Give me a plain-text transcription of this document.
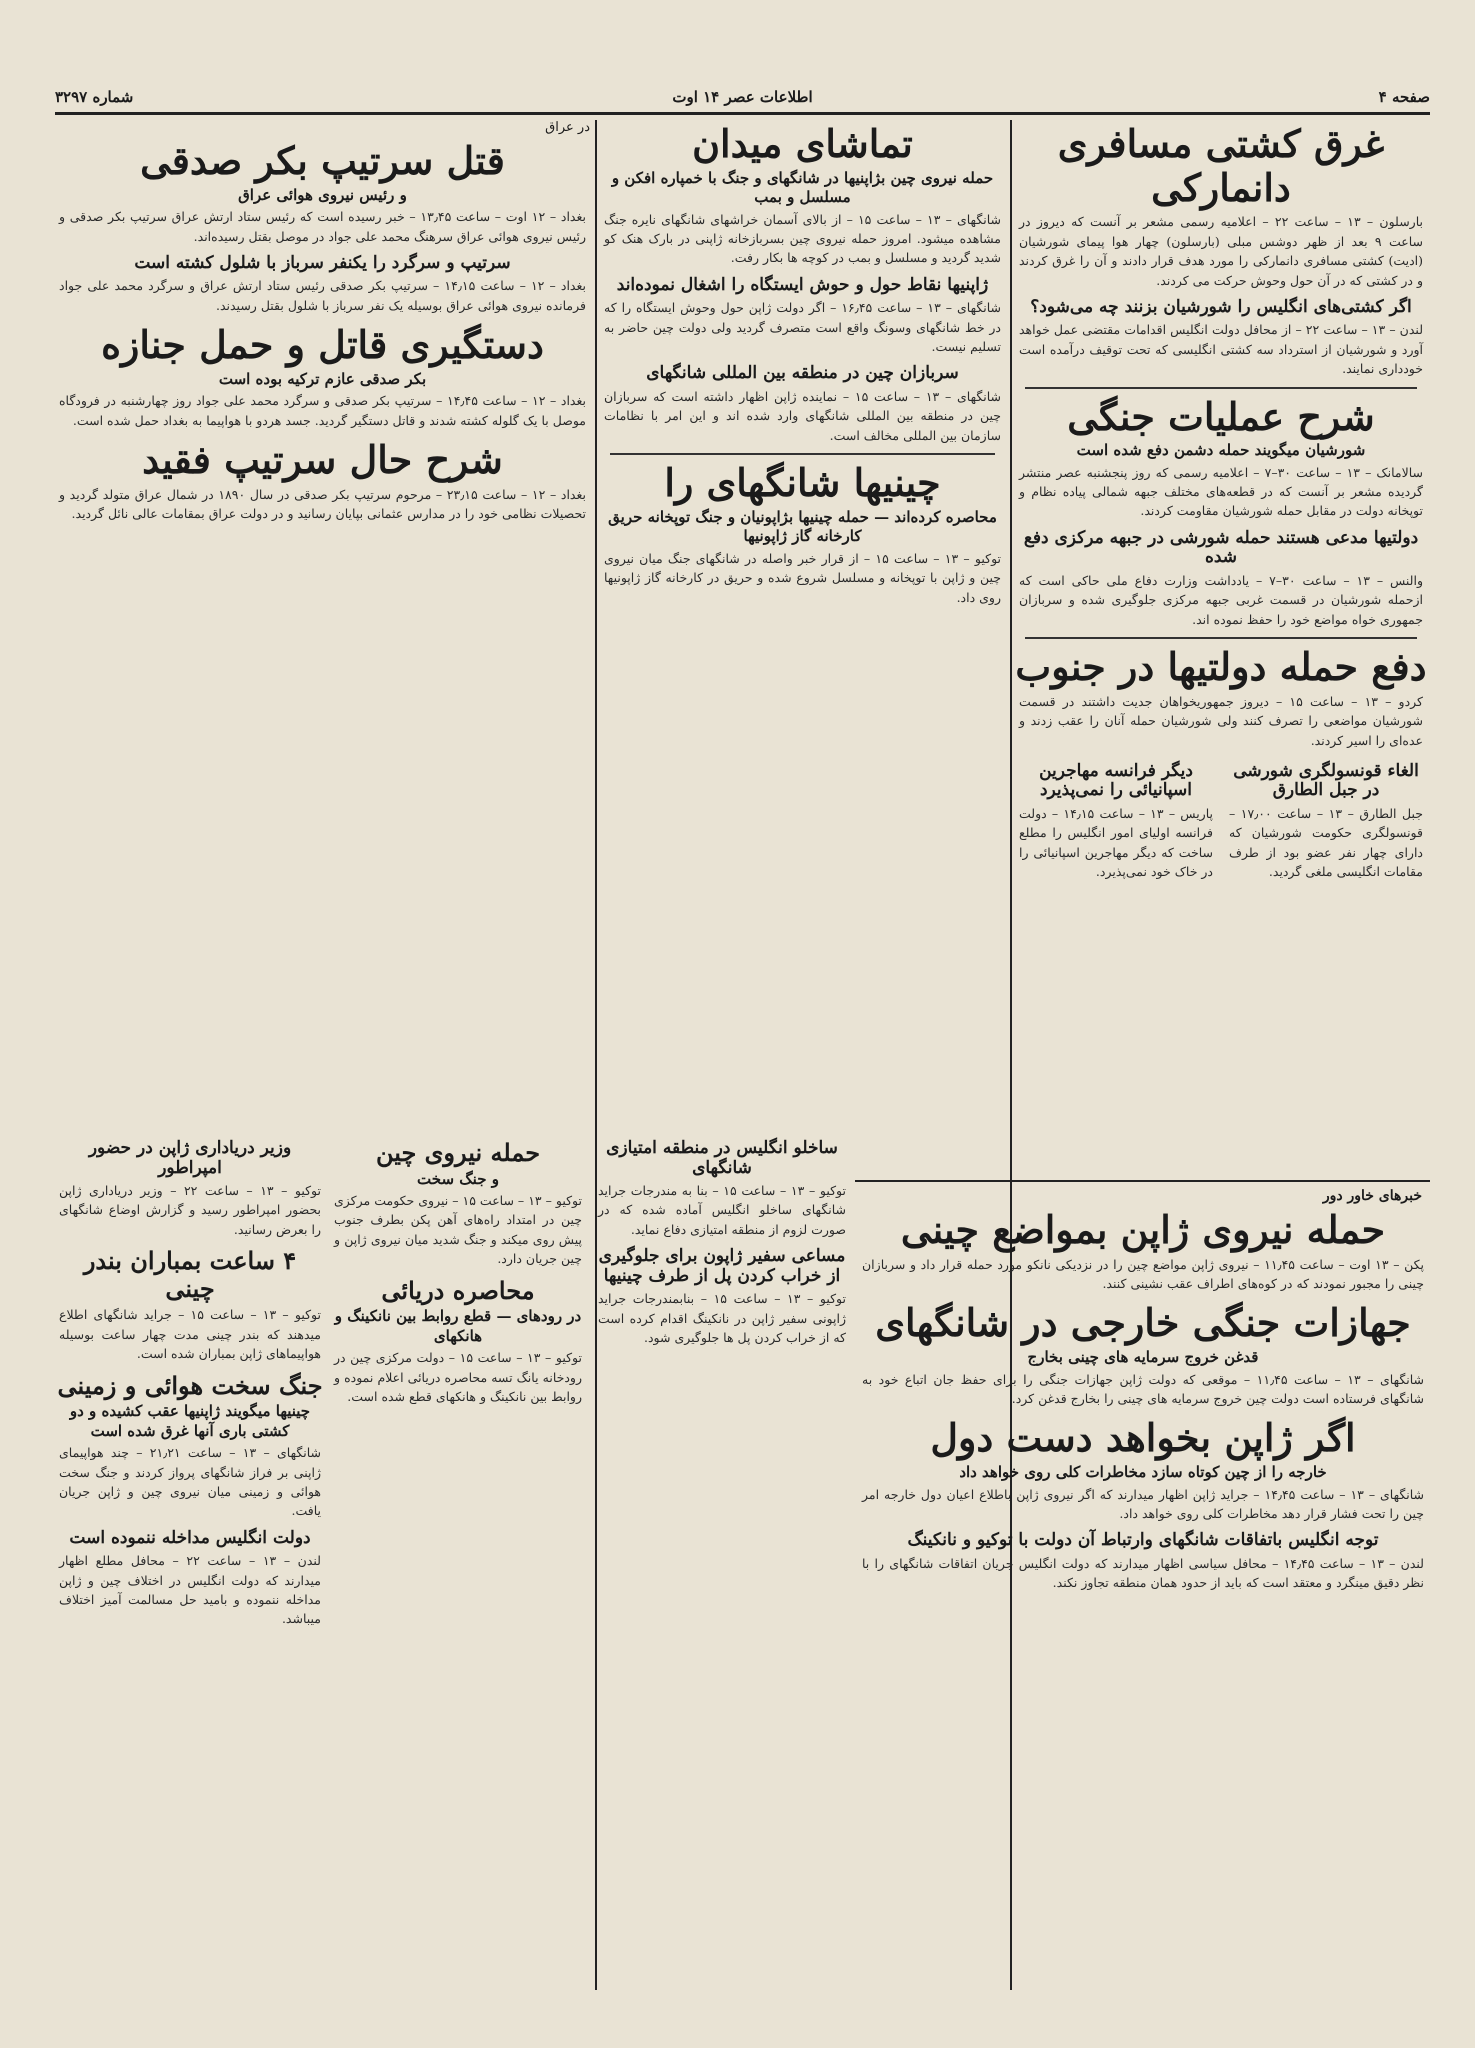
صفحه ۴
اطلاعات عصر ۱۴ اوت
شماره ۳۲۹۷
غرق کشتی مسافری دانمارکی
بارسلون – ۱۳ – ساعت ۲۲ – اعلامیه رسمی مشعر بر آنست که دیروز در ساعت ۹ بعد از ظهر دوشس مبلی (بارسلون) چهار هوا پیمای شورشیان (ادیت) کشتی مسافری دانمارکی را مورد هدف قرار دادند و آن را غرق کردند و در کشتی که در آن حول وحوش حرکت می کردند.
اگر کشتی‌های انگلیس را شورشیان بزنند چه می‌شود؟
لندن – ۱۳ – ساعت ۲۲ – از محافل دولت انگلیس اقدامات مقتضی عمل خواهد آورد و شورشیان از استرداد سه کشتی انگلیسی که تحت توقیف درآمده است خودداری نمایند.
شرح عملیات جنگی
شورشیان میگویند حمله دشمن دفع شده است
سالامانک – ۱۳ – ساعت ۳۰–۷ – اعلامیه رسمی که روز پنجشنبه عصر منتشر گردیده مشعر بر آنست که در قطعه‌های مختلف جبهه شمالی پیاده نظام و توپخانه دولت در مقابل حمله شورشیان مقاومت کردند.
دولتیها مدعی هستند حمله شورشی در جبهه مرکزی دفع شده
والنس – ۱۳ – ساعت ۳۰–۷ – یادداشت وزارت دفاع ملی حاکی است که ازحمله شورشیان در قسمت غربی جبهه مرکزی جلوگیری شده و سربازان جمهوری خواه مواضع خود را حفظ نموده اند.
دفع حمله دولتیها در جنوب
کردو – ۱۳ – ساعت ۱۵ – دیروز جمهوریخواهان جدیت داشتند در قسمت شورشیان مواضعی را تصرف کنند ولی شورشیان حمله آنان را عقب زدند و عده‌ای را اسیر کردند.
الغاء قونسولگری شورشی در جبل الطارق
جبل الطارق – ۱۳ – ساعت ۱۷٫۰۰ – قونسولگری حکومت شورشیان که دارای چهار نفر عضو بود از طرف مقامات انگلیسی ملغی گردید.
دیگر فرانسه مهاجرین اسپانیائی را نمی‌پذیرد
پاریس – ۱۳ – ساعت ۱۴٫۱۵ – دولت فرانسه اولیای امور انگلیس را مطلع ساخت که دیگر مهاجرین اسپانیائی را در خاک خود نمی‌پذیرد.
خبرهای خاور دور
حمله نیروی ژاپن بمواضع چینی
پکن – ۱۳ اوت – ساعت ۱۱٫۴۵ – نیروی ژاپن مواضع چین را در نزدیکی نانکو مورد حمله قرار داد و سربازان چینی را مجبور نمودند که در کوه‌های اطراف عقب نشینی کنند.
جهازات جنگی خارجی در شانگهای
قدغن خروج سرمایه های چینی بخارج
شانگهای – ۱۳ – ساعت ۱۱٫۴۵ – موقعی که دولت ژاپن جهازات جنگی را برای حفظ جان اتباع خود به شانگهای فرستاده است دولت چین خروج سرمایه های چینی را بخارج قدغن کرد.
اگر ژاپن بخواهد دست دول
خارجه را از چین کوتاه سازد مخاطرات کلی روی خواهد داد
شانگهای – ۱۳ – ساعت ۱۴٫۴۵ – جراید ژاپن اظهار میدارند که اگر نیروی ژاپن باطلاع اعیان دول خارجه امر چین را تحت فشار قرار دهد مخاطرات کلی روی خواهد داد.
توجه انگلیس باتفاقات شانگهای وارتباط آن دولت با توکیو و نانکینگ
لندن – ۱۳ – ساعت ۱۴٫۴۵ – محافل سیاسی اظهار میدارند که دولت انگلیس جریان اتفاقات شانگهای را با نظر دقیق مینگرد و معتقد است که باید از حدود همان منطقه تجاوز نکند.
تماشای میدان
حمله نیروی چین بژاپنیها در شانگهای و جنگ با خمپاره افکن و مسلسل و بمب
شانگهای – ۱۳ – ساعت ۱۵ – از بالای آسمان خراشهای شانگهای نایره جنگ مشاهده میشود. امروز حمله نیروی چین بسربازخانه ژاپنی در بارک هنک کو شدید گردید و مسلسل و بمب در کوچه ها بکار رفت.
ژاپنیها نقاط حول و حوش ایستگاه را اشغال نموده‌اند
شانگهای – ۱۳ – ساعت ۱۶٫۴۵ – اگر دولت ژاپن حول وحوش ایستگاه را که در خط شانگهای وسونگ واقع است متصرف گردید ولی دولت چین حاضر به تسلیم نیست.
سربازان چین در منطقه بین المللی شانگهای
شانگهای – ۱۳ – ساعت ۱۵ – نماینده ژاپن اظهار داشته است که سربازان چین در منطقه بین المللی شانگهای وارد شده اند و این امر با نظامات سازمان بین المللی مخالف است.
چینیها شانگهای را
محاصره کرده‌اند — حمله چینیها بژاپونیان و جنگ توپخانه حریق کارخانه گاز ژاپونیها
توکیو – ۱۳ – ساعت ۱۵ – از قرار خبر واصله در شانگهای جنگ میان نیروی چین و ژاپن با توپخانه و مسلسل شروع شده و حریق در کارخانه گاز ژاپونیها روی داد.
ساخلو انگلیس در منطقه امتیازی شانگهای
توکیو – ۱۳ – ساعت ۱۵ – بنا به مندرجات جراید شانگهای ساخلو انگلیس آماده شده که در صورت لزوم از منطقه امتیازی دفاع نماید.
مساعی سفیر ژاپون برای جلوگیری از خراب کردن پل از طرف چینیها
توکیو – ۱۳ – ساعت ۱۵ – بنابمندرجات جراید ژاپونی سفیر ژاپن در نانکینگ اقدام کرده است که از خراب کردن پل ها جلوگیری شود.
حمله نیروی چین
و جنگ سخت
توکیو – ۱۳ – ساعت ۱۵ – نیروی حکومت مرکزی چین در امتداد راه‌های آهن پکن بطرف جنوب پیش روی میکند و جنگ شدید میان نیروی ژاپن و چین جریان دارد.
محاصره دریائی
در رودهای — قطع روابط بین نانکینگ و هانکهای
توکیو – ۱۳ – ساعت ۱۵ – دولت مرکزی چین در رودخانه یانگ تسه محاصره دریائی اعلام نموده و روابط بین نانکینگ و هانکهای قطع شده است.
در عراق
قتل سرتیپ بکر صدقی
و رئیس نیروی هوائی عراق
بغداد – ۱۲ اوت – ساعت ۱۳٫۴۵ – خبر رسیده است که رئیس ستاد ارتش عراق سرتیپ بکر صدقی و رئیس نیروی هوائی عراق سرهنگ محمد علی جواد در موصل بقتل رسیده‌اند.
سرتیپ و سرگرد را یکنفر سرباز با شلول کشته است
بغداد – ۱۲ – ساعت ۱۴٫۱۵ – سرتیپ بکر صدقی رئیس ستاد ارتش عراق و سرگرد محمد علی جواد فرمانده نیروی هوائی عراق بوسیله یک نفر سرباز با شلول بقتل رسیدند.
دستگیری قاتل و حمل جنازه
بکر صدقی عازم ترکیه بوده است
بغداد – ۱۲ – ساعت ۱۴٫۴۵ – سرتیپ بکر صدقی و سرگرد محمد علی جواد روز چهارشنبه در فرودگاه موصل با یک گلوله کشته شدند و قاتل دستگیر گردید. جسد هردو با هواپیما به بغداد حمل شده است.
شرح حال سرتیپ فقید
بغداد – ۱۲ – ساعت ۲۳٫۱۵ – مرحوم سرتیپ بکر صدقی در سال ۱۸۹۰ در شمال عراق متولد گردید و تحصیلات نظامی خود را در مدارس عثمانی بپایان رسانید و در دولت عراق بمقامات عالی نائل گردید.
وزیر دریاداری ژاپن در حضور امپراطور
توکیو – ۱۳ – ساعت ۲۲ – وزیر دریاداری ژاپن بحضور امپراطور رسید و گزارش اوضاع شانگهای را بعرض رسانید.
۴ ساعت بمباران بندر چینی
توکیو – ۱۳ – ساعت ۱۵ – جراید شانگهای اطلاع میدهند که بندر چینی مدت چهار ساعت بوسیله هواپیماهای ژاپن بمباران شده است.
جنگ سخت هوائی و زمینی
چینیها میگویند ژاپنیها عقب کشیده و دو کشتی باری آنها غرق شده است
شانگهای – ۱۳ – ساعت ۲۱٫۲۱ – چند هواپیمای ژاپنی بر فراز شانگهای پرواز کردند و جنگ سخت هوائی و زمینی میان نیروی چین و ژاپن جریان یافت.
دولت انگلیس مداخله ننموده است
لندن – ۱۳ – ساعت ۲۲ – محافل مطلع اظهار میدارند که دولت انگلیس در اختلاف چین و ژاپن مداخله ننموده و بامید حل مسالمت آمیز اختلاف میباشد.
